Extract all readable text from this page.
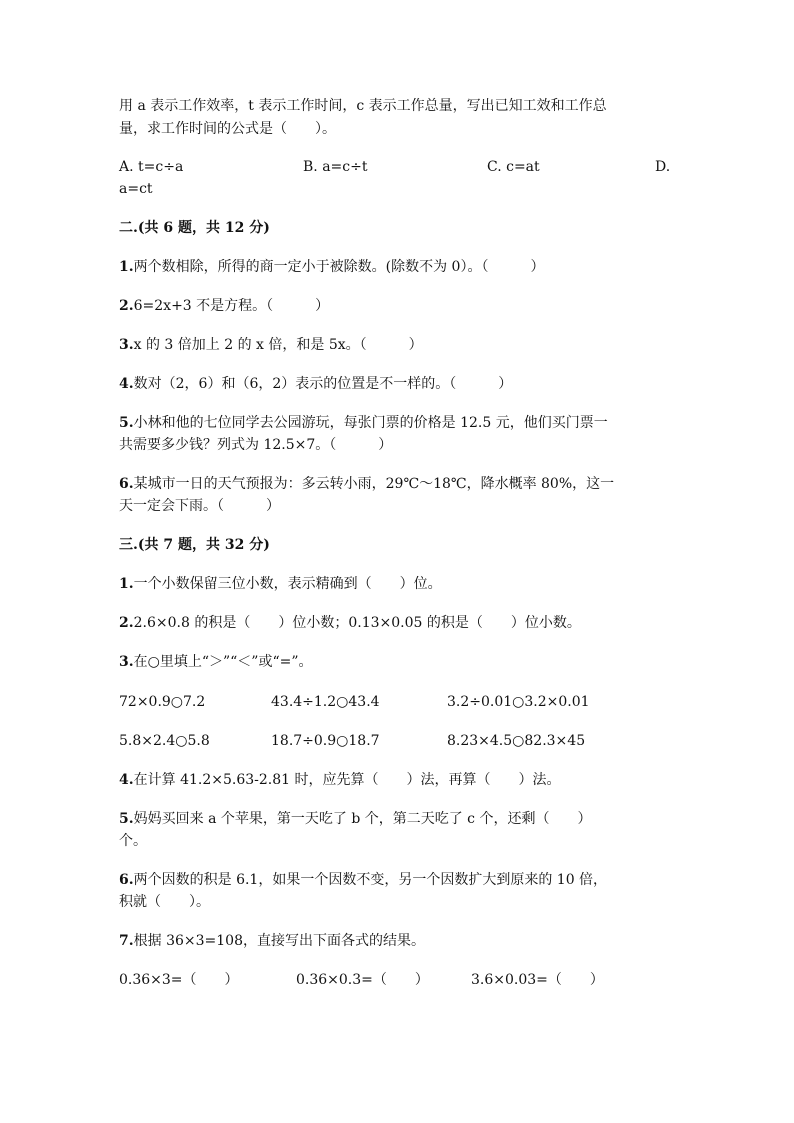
用 a 表示工作效率，t 表示工作时间，c 表示工作总量，写出已知工效和工作总
量，求工作时间的公式是（　　）。
A. t=c÷a	B. a=c÷t	C. c=at	D.
a=ct
二.(共 6 题，共 12 分)
1.两个数相除，所得的商一定小于被除数。(除数不为 0）。（　　　）
2.6=2x+3 不是方程。（　　　）
3.x 的 3 倍加上 2 的 x 倍，和是 5x。（　　　）
4.数对（2，6）和（6，2）表示的位置是不一样的。（　　　）
5.小林和他的七位同学去公园游玩，每张门票的价格是 12.5 元，他们买门票一
共需要多少钱？列式为 12.5×7。（　　　）
6.某城市一日的天气预报为：多云转小雨，29℃～18℃，降水概率 80%，这一
天一定会下雨。（　　　）
三.(共 7 题，共 32 分)
1.一个小数保留三位小数，表示精确到（　　）位。
2.2.6×0.8 的积是（　　）位小数；0.13×0.05 的积是（　　）位小数。
3.在○里填上“＞”“＜”或“=”。
72×0.9○7.2	43.4÷1.2○43.4	3.2÷0.01○3.2×0.01
5.8×2.4○5.8	18.7÷0.9○18.7	8.23×4.5○82.3×45
4.在计算 41.2×5.63-2.81 时，应先算（　　）法，再算（　　）法。
5.妈妈买回来 a 个苹果，第一天吃了 b 个，第二天吃了 c 个，还剩（　　）
个。
6.两个因数的积是 6.1，如果一个因数不变，另一个因数扩大到原来的 10 倍，
积就（　　）。
7.根据 36×3=108，直接写出下面各式的结果。
0.36×3=（　　）	0.36×0.3=（　　）	3.6×0.03=（　　）
